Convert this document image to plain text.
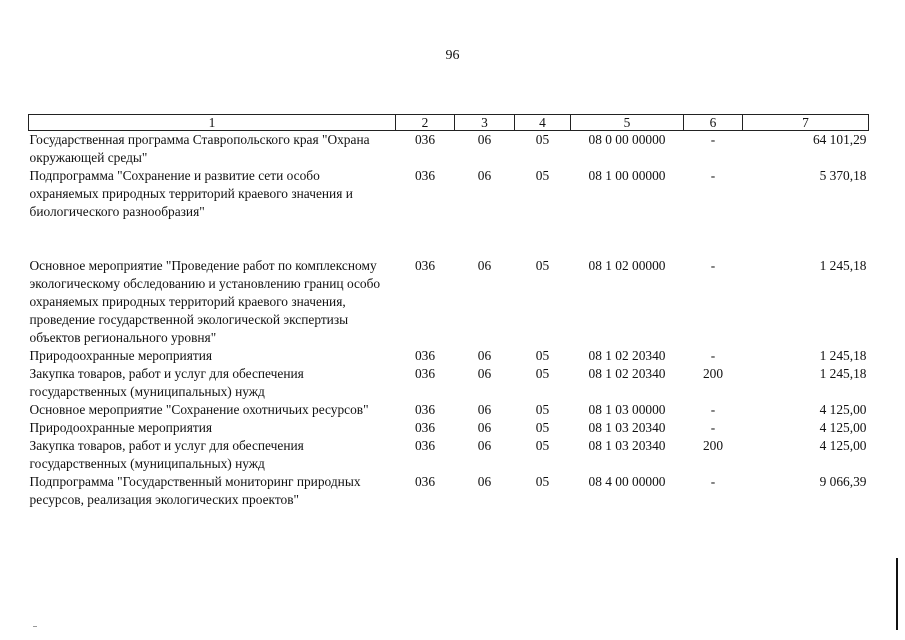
96
1	2	3	4	5	6	7
Государственная программа Ставропольского края "Охрана окружающей среды"	036	06	05	08 0 00 00000	-	64 101,29
Подпрограмма "Сохранение и развитие сети особо охраняемых природных территорий краевого значения и биологического разнообразия"	036	06	05	08 1 00 00000	-	5 370,18
Основное мероприятие "Проведение работ по комплексному экологическому обследованию и установлению границ особо охраняемых природных территорий краевого значения, проведение государственной экологической экспертизы объектов регионального уровня"	036	06	05	08 1 02 00000	-	1 245,18
Природоохранные мероприятия	036	06	05	08 1 02 20340	-	1 245,18
Закупка товаров, работ и услуг для обеспечения государственных (муниципальных) нужд	036	06	05	08 1 02 20340	200	1 245,18
Основное мероприятие "Сохранение охотничьих ресурсов"	036	06	05	08 1 03 00000	-	4 125,00
Природоохранные мероприятия	036	06	05	08 1 03 20340	-	4 125,00
Закупка товаров, работ и услуг для обеспечения государственных (муниципальных) нужд	036	06	05	08 1 03 20340	200	4 125,00
Подпрограмма "Государственный мониторинг природных ресурсов, реализация экологических проектов"	036	06	05	08 4 00 00000	-	9 066,39
